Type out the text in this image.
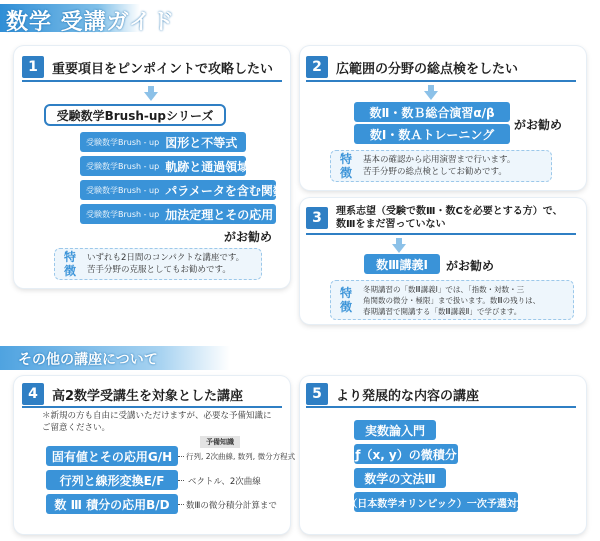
数学 受講ガイド
1	重要項目をピンポイントで攻略したい
受験数学Brush-upシリーズ
受験数学Brush - up 図形と不等式
受験数学Brush - up 軌跡と通過領域
受験数学Brush - up パラメータを含む関数
受験数学Brush - up 加法定理とその応用
がお勧め
特徴
いずれも2日間のコンパクトな講座です。
苦手分野の克服としてもお勧めです。
2	広範囲の分野の総点検をしたい
数Ⅱ・数Ｂ総合演習α/β
数Ⅰ・数Ａトレーニング
がお勧め
特徴
基本の確認から応用演習まで行います。
苦手分野の総点検としてお勧めです。
3	理系志望（受験で数Ⅲ・数Cを必要とする方）で、
数Ⅲをまだ習っていない
数Ⅲ講義Ⅰ がお勧め
特徴
冬期講習の「数Ⅲ講義Ⅰ」では、「指数・対数・三
角関数の微分・極限」まで扱います。数Ⅲの残りは、
春期講習で開講する「数Ⅲ講義Ⅱ」で学びます。
その他の講座について
4	高2数学受講生を対象とした講座
＊新規の方も自由に受講いただけますが、必要な予備知識に
ご留意ください。
予備知識
固有値とその応用G/H 行列, 2次曲線, 数列, 微分方程式
行列と線形変換E/F	ベクトル、2次曲線
数 Ⅲ 積分の応用B/D 数Ⅲの微分積分計算まで
5	より発展的な内容の講座
実数論入門
ƒ（x, y）の微積分
数学の文法Ⅲ
JMO（日本数学オリンピック）一次予選対策演習
